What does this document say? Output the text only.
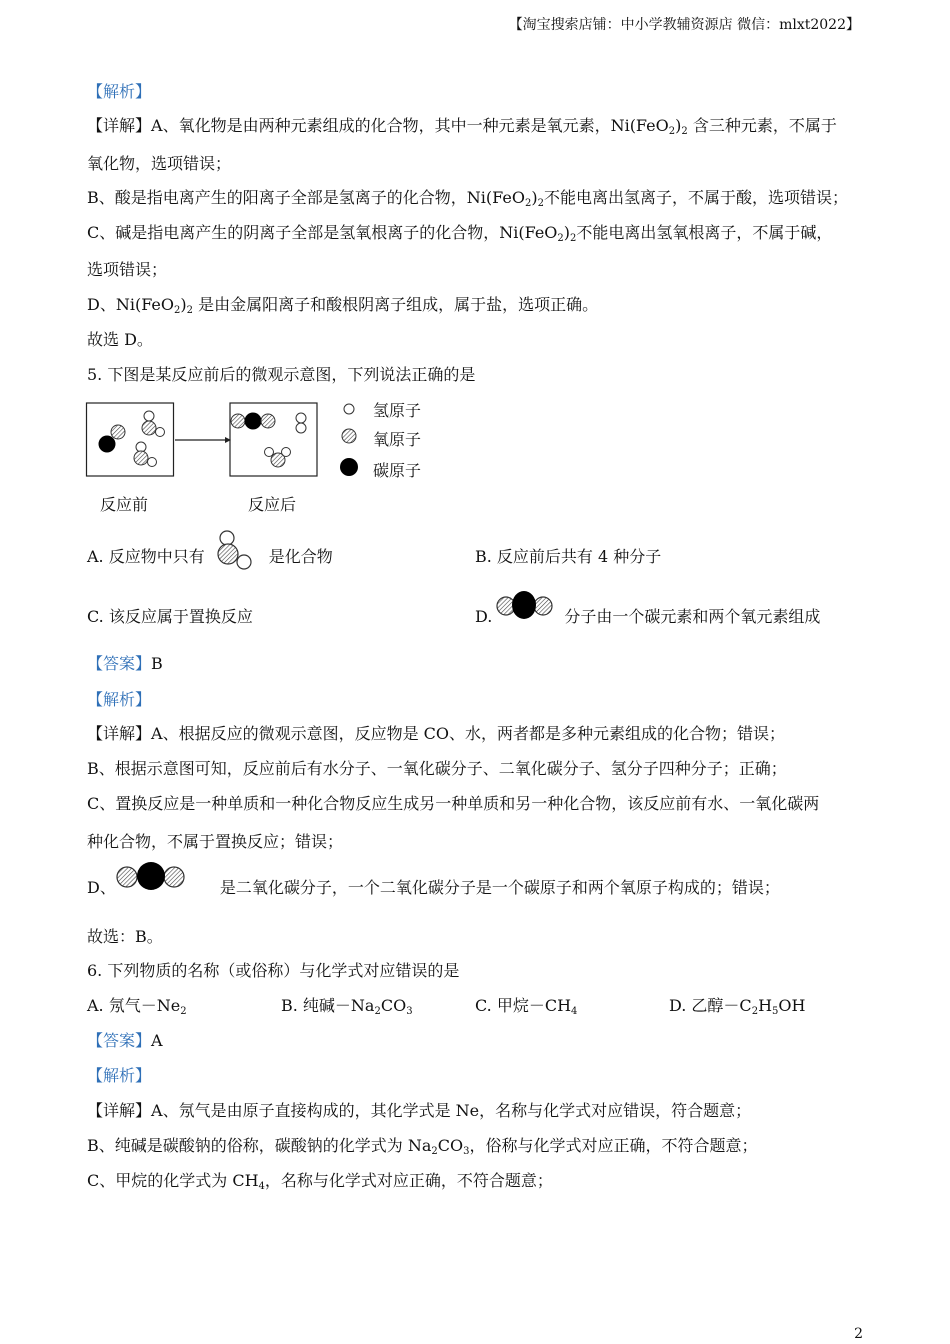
【淘宝搜索店铺：中小学教辅资源店 微信：mlxt2022】
【解析】
【详解】A、氧化物是由两种元素组成的化合物，其中一种元素是氧元素，$Ni(FeO_2)_2$ 含三种元素，不属于
氧化物，选项错误；
B、酸是指电离产生的阳离子全部是氢离子的化合物，$Ni(FeO_2)_2$不能电离出氢离子，不属于酸，选项错误；
C、碱是指电离产生的阴离子全部是氢氧根离子的化合物，$Ni(FeO_2)_2$不能电离出氢氧根离子，不属于碱，
选项错误；
D、$Ni(FeO_2)_2$ 是由金属阳离子和酸根阴离子组成，属于盐，选项正确。
故选 D。
5. 下图是某反应前后的微观示意图，下列说法正确的是
氢原子
氧原子
碳原子
反应前	反应后
A. 反应物中只有	是化合物	B. 反应前后共有 4 种分子
C. 该反应属于置换反应	D.	分子由一个碳元素和两个氧元素组成
【答案】B
【解析】
【详解】A、根据反应的微观示意图，反应物是 CO、水，两者都是多种元素组成的化合物；错误；
B、根据示意图可知，反应前后有水分子、一氧化碳分子、二氧化碳分子、氢分子四种分子；正确；
C、置换反应是一种单质和一种化合物反应生成另一种单质和另一种化合物，该反应前有水、一氧化碳两
种化合物，不属于置换反应；错误；
D、	是二氧化碳分子，一个二氧化碳分子是一个碳原子和两个氧原子构成的；错误；
故选：B。
6. 下列物质的名称（或俗称）与化学式对应错误的是
A. 氖气$-Ne_2$	B. 纯碱$-Na_2CO_3$	C. 甲烷$-CH_4$	D. 乙醇$-C_2H_5OH$
【答案】A
【解析】
【详解】A、氖气是由原子直接构成的，其化学式是 Ne，名称与化学式对应错误，符合题意；
B、纯碱是碳酸钠的俗称，碳酸钠的化学式为 $Na_2CO_3$，俗称与化学式对应正确，不符合题意；
C、甲烷的化学式为 $CH_4$，名称与化学式对应正确，不符合题意；
2
